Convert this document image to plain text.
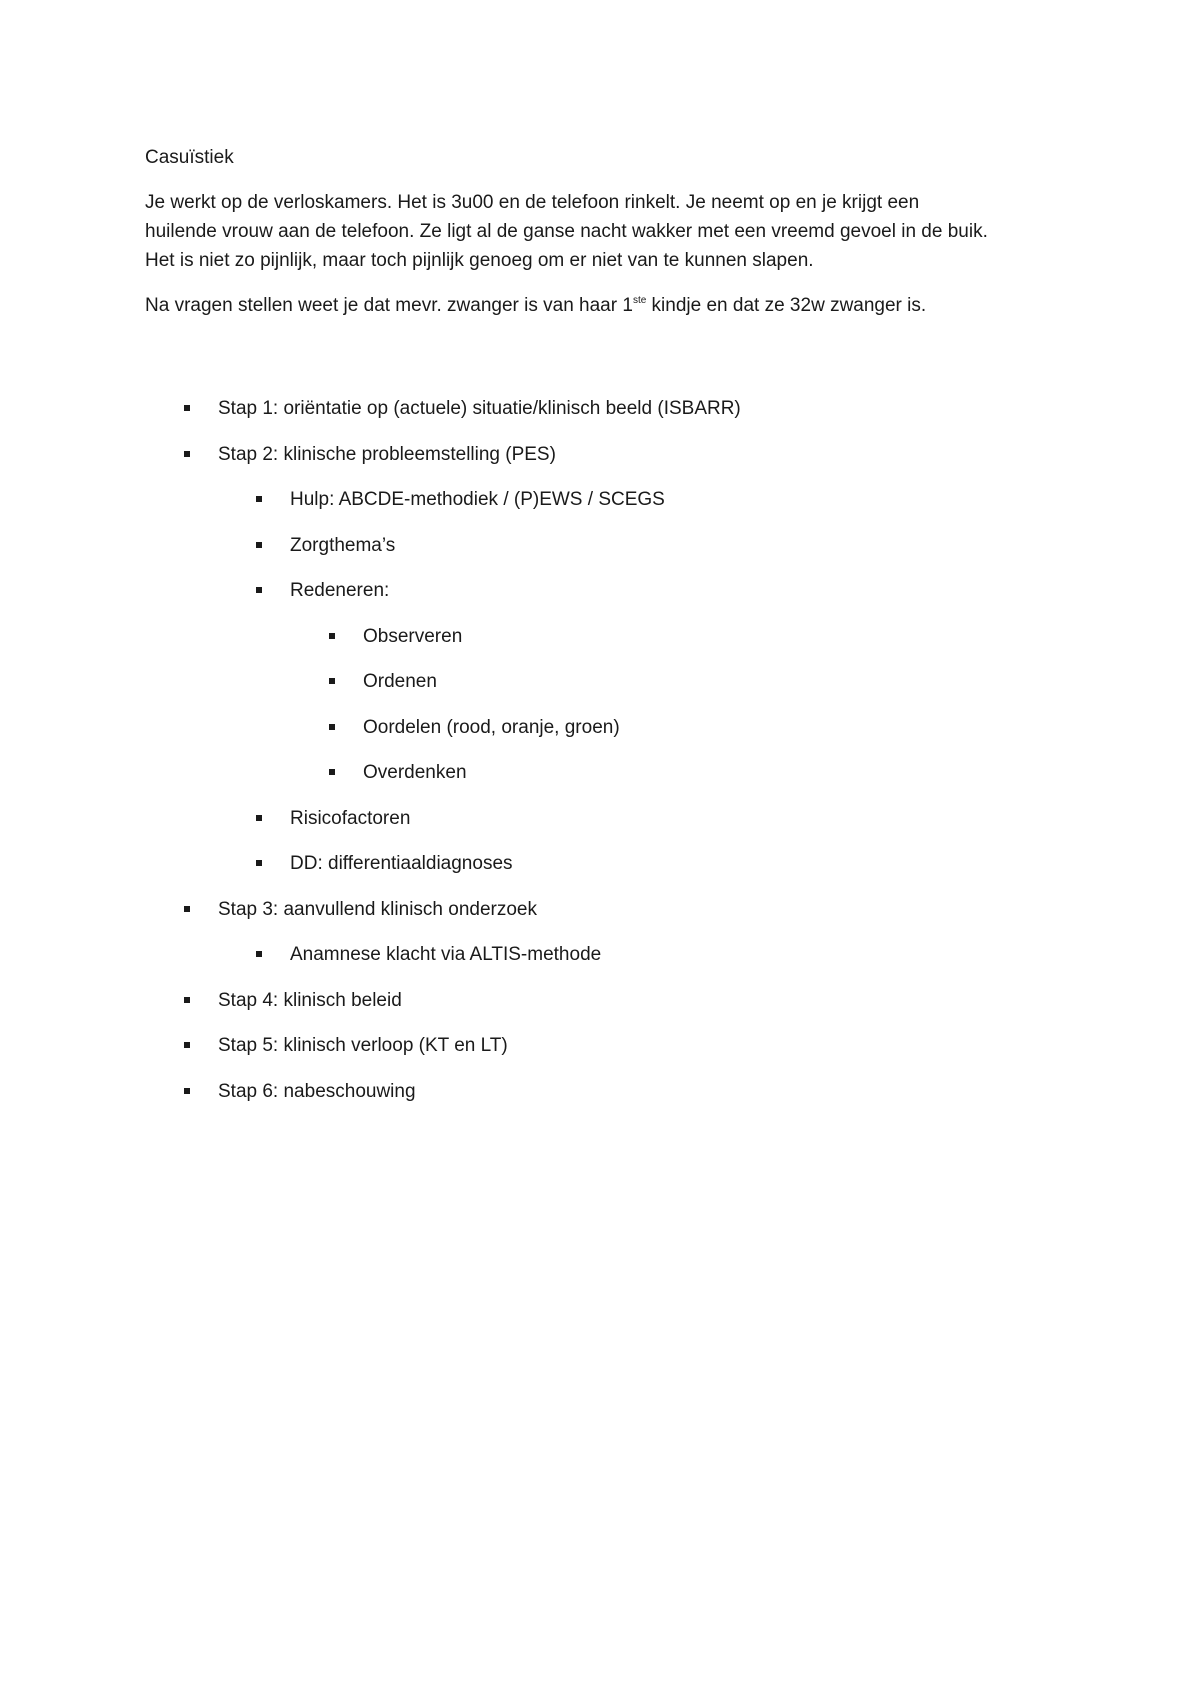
Casuïstiek

Je werkt op de verloskamers. Het is 3u00 en de telefoon rinkelt. Je neemt op en je krijgt een
huilende vrouw aan de telefoon. Ze ligt al de ganse nacht wakker met een vreemd gevoel in de buik.
Het is niet zo pijnlijk, maar toch pijnlijk genoeg om er niet van te kunnen slapen.

Na vragen stellen weet je dat mevr. zwanger is van haar 1ste kindje en dat ze 32w zwanger is.

Stap 1: oriëntatie op (actuele) situatie/klinisch beeld (ISBARR)
Stap 2: klinische probleemstelling (PES)
Hulp: ABCDE-methodiek / (P)EWS / SCEGS
Zorgthema’s
Redeneren:
Observeren
Ordenen
Oordelen (rood, oranje, groen)
Overdenken
Risicofactoren
DD: differentiaaldiagnoses
Stap 3: aanvullend klinisch onderzoek
Anamnese klacht via ALTIS-methode
Stap 4: klinisch beleid
Stap 5: klinisch verloop (KT en LT)
Stap 6: nabeschouwing
